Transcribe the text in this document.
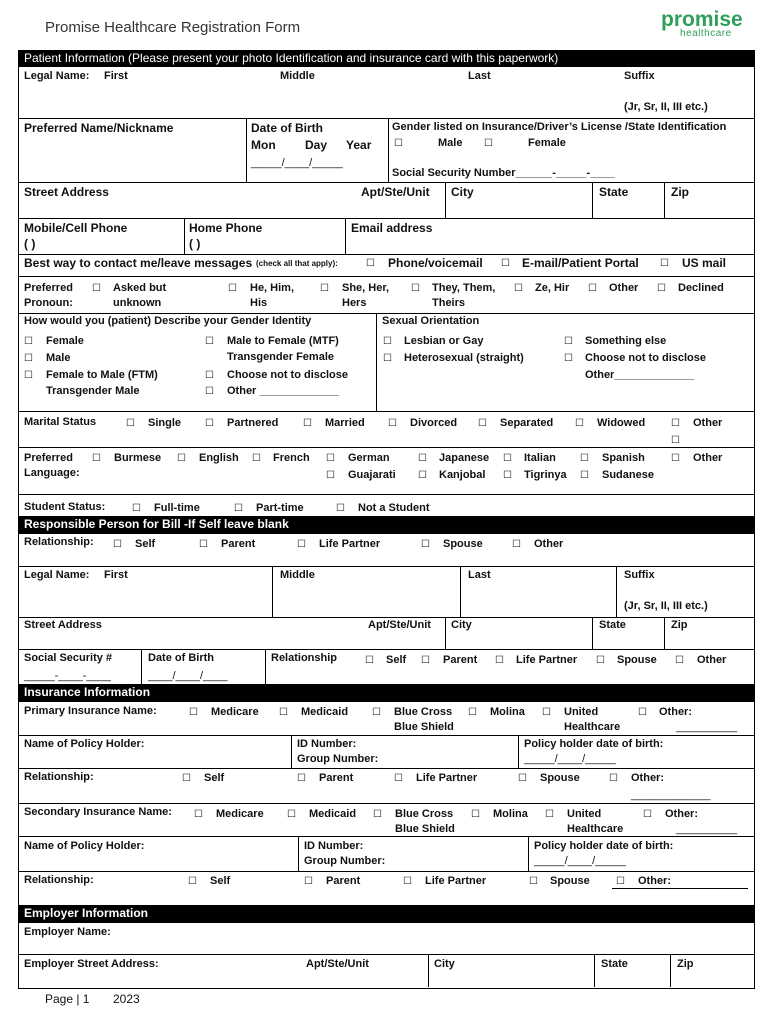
Promise Healthcare Registration Form	promise
healthcare
Patient Information (Please present your photo Identification and insurance card with this paperwork)
Legal Name: First	Middle	Last	Suffix
(Jr, Sr, II, III etc.)
Preferred Name/Nickname	Date of Birth
Mon Day Year
_____/____/_____
Gender listed on Insurance/Driver’s License /State Identification
☐	Male ☐	Female
Social Security Number______-_____-____
Street Address	Apt/Ste/Unit City	State	Zip
Mobile/Cell Phone
( )
Home Phone
( )
Email address
Best way to contact me/leave messages (check all that apply):	☐ Phone/voicemail ☐ E-mail/Patient Portal ☐ US mail
Preferred
Pronoun:
☐ Asked but
unknown
☐ He, Him,
His
☐ She, Her,
Hers
☐ They, Them,
Theirs
☐ Ze, Hir ☐ Other ☐ Declined
How would you (patient) Describe your Gender Identity	Sexual Orientation
☐ Female
☐ Male
☐ Female to Male (FTM)
Transgender Male
☐ Male to Female (MTF)
Transgender Female
☐ Choose not to disclose
☐ Other _____________
☐ Lesbian or Gay
☐ Heterosexual (straight)
☐ Something else
☐ Choose not to disclose
Other_____________
Marital Status	☐ Single ☐ Partnered ☐ Married ☐ Divorced ☐ Separated ☐ Widowed	☐ Other
☐
Preferred
Language:
☐ Burmese ☐ English ☐ French ☐ German	☐ Japanese ☐ Italian ☐ Spanish	☐ Other
☐ Guajarati ☐ Kanjobal ☐ Tigrinya ☐ Sudanese
Student Status:	☐ Full-time	☐ Part-time	☐ Not a Student
Responsible Person for Bill -If Self leave blank
Relationship: ☐ Self	☐ Parent	☐ Life Partner	☐ Spouse	☐ Other
Legal Name: First	Middle	Last	Suffix
(Jr, Sr, II, III etc.)
Street Address	Apt/Ste/Unit City	State	Zip
Social Security #
_____-____-____
Date of Birth
____/____/____
Relationship	☐ Self ☐ Parent ☐ Life Partner ☐ Spouse ☐ Other
Insurance Information
Primary Insurance Name:	☐ Medicare ☐ Medicaid ☐ Blue Cross
Blue Shield
☐ Molina ☐ United
Healthcare
☐ Other:
__________
Name of Policy Holder:	ID Number:
Group Number:
Policy holder date of birth:
_____/____/_____
Relationship:	☐ Self	☐ Parent	☐ Life Partner	☐ Spouse	☐ Other:
_____________
Secondary Insurance Name: ☐ Medicare ☐ Medicaid ☐ Blue Cross
Blue Shield
☐ Molina ☐ United
Healthcare
☐ Other:
__________
Name of Policy Holder:	ID Number:
Group Number:
Policy holder date of birth:
_____/____/_____
Relationship:	☐ Self	☐ Parent	☐ Life Partner	☐ Spouse	☐ Other:
Employer Information
Employer Name:
Employer Street Address:	Apt/Ste/Unit	City	State	Zip
Page | 1 2023
